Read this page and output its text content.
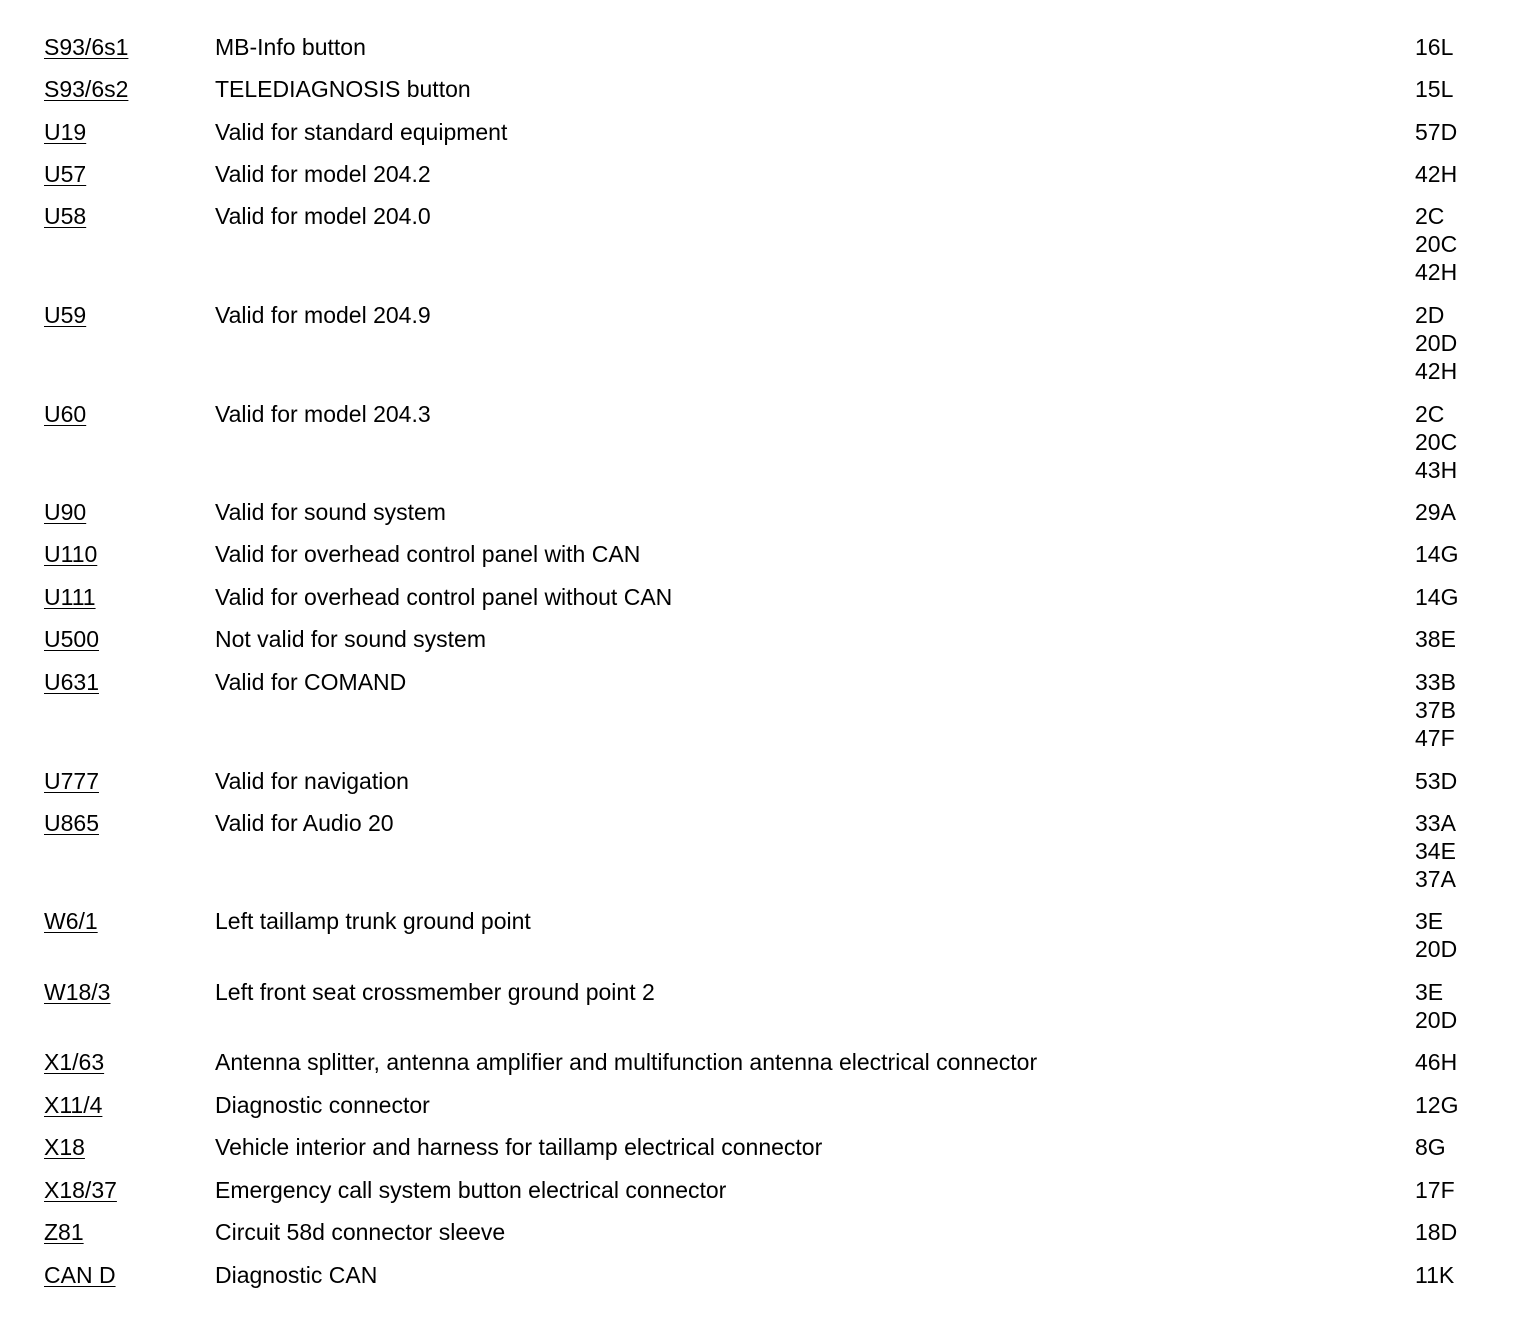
S93/6s1	MB-Info button	16L
S93/6s2	TELEDIAGNOSIS button	15L
U19	Valid for standard equipment	57D
U57	Valid for model 204.2	42H
U58	Valid for model 204.0	2C
20C
42H
U59	Valid for model 204.9	2D
20D
42H
U60	Valid for model 204.3	2C
20C
43H
U90	Valid for sound system	29A
U110	Valid for overhead control panel with CAN	14G
U111	Valid for overhead control panel without CAN	14G
U500	Not valid for sound system	38E
U631	Valid for COMAND	33B
37B
47F
U777	Valid for navigation	53D
U865	Valid for Audio 20	33A
34E
37A
W6/1	Left taillamp trunk ground point	3E
20D
W18/3	Left front seat crossmember ground point 2	3E
20D
X1/63	Antenna splitter, antenna amplifier and multifunction antenna electrical connector	46H
X11/4	Diagnostic connector	12G
X18	Vehicle interior and harness for taillamp electrical connector	8G
X18/37	Emergency call system button electrical connector	17F
Z81	Circuit 58d connector sleeve	18D
CAN D	Diagnostic CAN	11K
